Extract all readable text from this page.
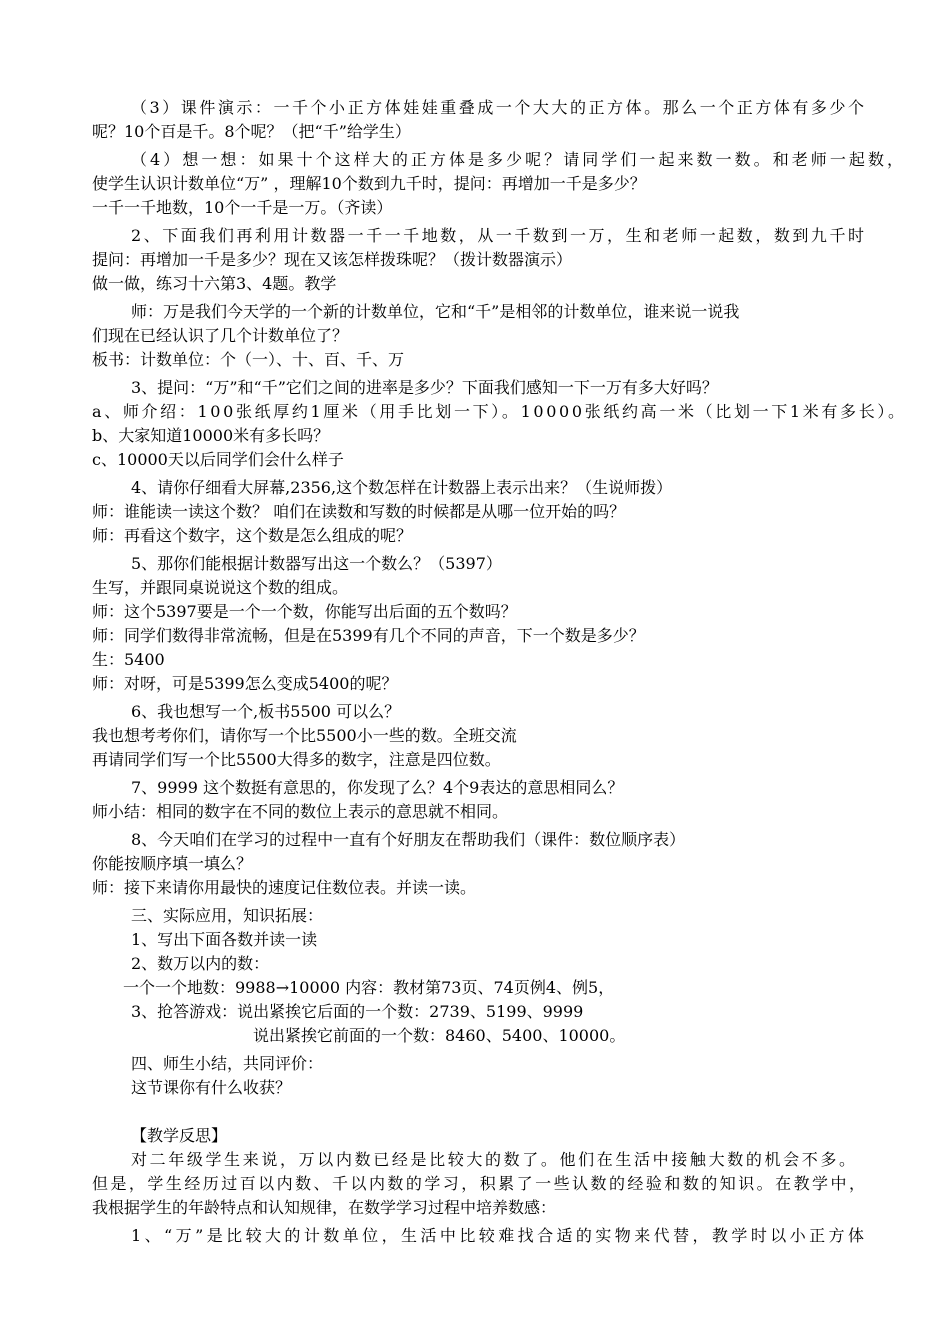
（3）课件演示：一千个小正方体娃娃重叠成一个大大的正方体。那么一个正方体有多少个
呢？10个百是千。8个呢？（把“千”给学生）
（4）想一想：如果十个这样大的正方体是多少呢？请同学们一起来数一数。和老师一起数，
使学生认识计数单位“万” ，理解10个数到九千时，提问：再增加一千是多少？
一千一千地数，10个一千是一万。（齐读）
2、下面我们再利用计数器一千一千地数，从一千数到一万，生和老师一起数，数到九千时
提问：再增加一千是多少？现在又该怎样拨珠呢？（拨计数器演示）
做一做，练习十六第3、4题。教学
师：万是我们今天学的一个新的计数单位，它和“千”是相邻的计数单位，谁来说一说我
们现在已经认识了几个计数单位了？
板书：计数单位：个（一）、十、百、千、万
3、提问：“万”和“千”它们之间的进率是多少？下面我们感知一下一万有多大好吗？
a、师介绍：100张纸厚约1厘米（用手比划一下）。10000张纸约高一米（比划一下1米有多长）。
b、大家知道10000米有多长吗？
c、10000天以后同学们会什么样子
4、请你仔细看大屏幕,2356,这个数怎样在计数器上表示出来？（生说师拨）
师：谁能读一读这个数？ 咱们在读数和写数的时候都是从哪一位开始的吗？
师：再看这个数字，这个数是怎么组成的呢？
5、那你们能根据计数器写出这一个数么？（5397）
生写，并跟同桌说说这个数的组成。
师：这个5397要是一个一个数，你能写出后面的五个数吗？
师：同学们数得非常流畅，但是在5399有几个不同的声音，下一个数是多少？
生：5400
师：对呀，可是5399怎么变成5400的呢？
6、我也想写一个,板书5500 可以么？
我也想考考你们，请你写一个比5500小一些的数。全班交流
再请同学们写一个比5500大得多的数字，注意是四位数。
7、9999 这个数挺有意思的，你发现了么？4个9表达的意思相同么？
师小结：相同的数字在不同的数位上表示的意思就不相同。
8、今天咱们在学习的过程中一直有个好朋友在帮助我们（课件：数位顺序表）
你能按顺序填一填么？
师：接下来请你用最快的速度记住数位表。并读一读。
三、实际应用，知识拓展：
1、写出下面各数并读一读
2、数万以内的数：
一个一个地数：9988→10000 内容：教材第73页、74页例4、例5，
3、抢答游戏：说出紧挨它后面的一个数：2739、5199、9999
说出紧挨它前面的一个数：8460、5400、10000。
四、师生小结，共同评价：
这节课你有什么收获？
【教学反思】
对二年级学生来说，万以内数已经是比较大的数了。他们在生活中接触大数的机会不多。
但是，学生经历过百以内数、千以内数的学习，积累了一些认数的经验和数的知识。在教学中，
我根据学生的年龄特点和认知规律，在数学学习过程中培养数感：
1、“万”是比较大的计数单位，生活中比较难找合适的实物来代替，教学时以小正方体
